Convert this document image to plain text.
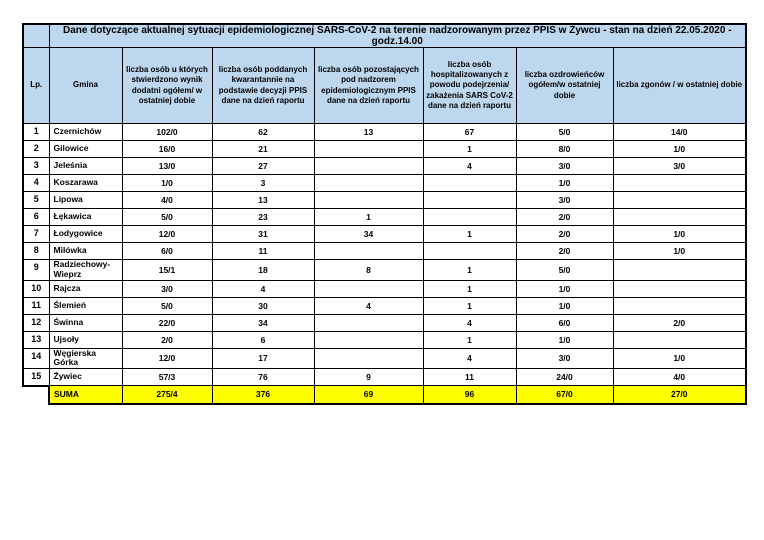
	Dane dotyczące aktualnej sytuacji epidemiologicznej SARS-CoV-2 na terenie nadzorowanym przez PPIS w Żywcu - stan na dzień 22.05.2020 - godz.14.00						
Lp.	Gmina	liczba osób u których stwierdzono wynik dodatni ogółem/ w ostatniej dobie	liczba osób poddanych kwarantannie na podstawie decyzji PPIS dane na dzień raportu	liczba osób pozostających pod nadzorem epidemiologicznym PPIS dane na dzień raportu	liczba osób hospitalizowanych z powodu podejrzenia/ zakażenia SARS CoV-2 dane na dzień raportu	liczba ozdrowieńców ogółem/w ostatniej dobie	liczba zgonów / w ostatniej dobie
1	Czernichów	102/0	62	13	67	5/0	14/0
2	Gilowice	16/0	21		1	8/0	1/0
3	Jeleśnia	13/0	27		4	3/0	3/0
4	Koszarawa	1/0	3			1/0	
5	Lipowa	4/0	13			3/0	
6	Łękawica	5/0	23	1		2/0	
7	Łodygowice	12/0	31	34	1	2/0	1/0
8	Milówka	6/0	11			2/0	1/0
9	Radziechowy-Wieprz	15/1	18	8	1	5/0	
10	Rajcza	3/0	4		1	1/0	
11	Ślemień	5/0	30	4	1	1/0	
12	Świnna	22/0	34		4	6/0	2/0
13	Ujsoły	2/0	6		1	1/0	
14	Węgierska Górka	12/0	17		4	3/0	1/0
15	Żywiec	57/3	76	9	11	24/0	4/0
	SUMA	275/4	376	69	96	67/0	27/0
